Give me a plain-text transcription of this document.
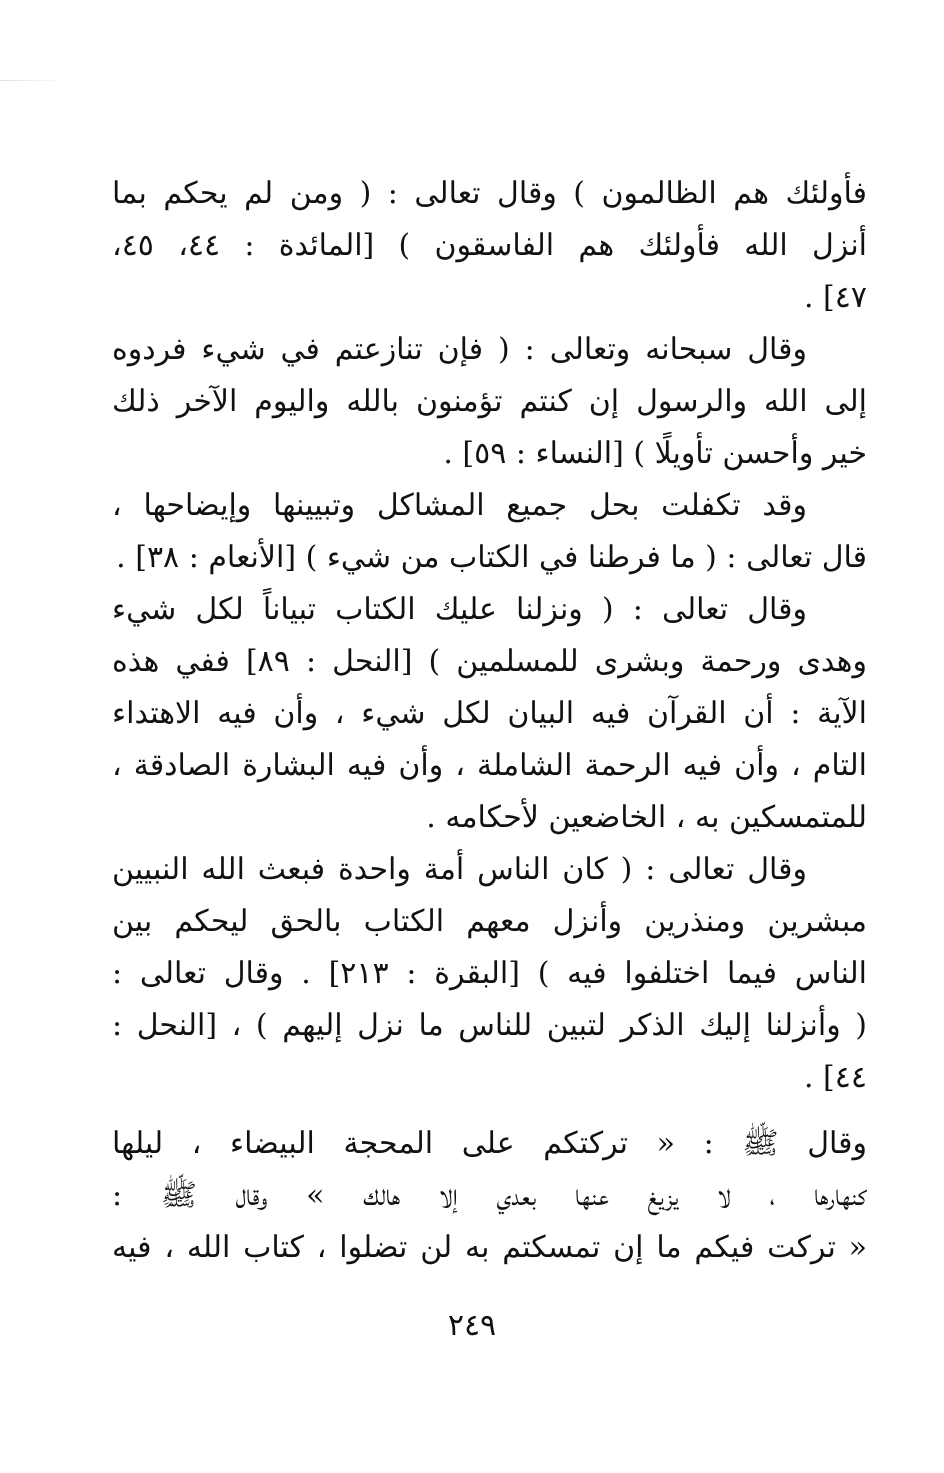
فأولئك هم الظالمون ) وقال تعالى : ( ومن لم يحكم بما
أنزل الله فأولئك هم الفاسقون ) [المائدة : ٤٤، ٤٥،
٤٧] .
وقال سبحانه وتعالى : ( فإن تنازعتم في شيء فردوه
إلى الله والرسول إن كنتم تؤمنون بالله واليوم الآخر ذلك
خير وأحسن تأويلًا ) [النساء : ٥٩] .
وقد تكفلت بحل جميع المشاكل وتبيينها وإيضاحها ،
قال تعالى : ( ما فرطنا في الكتاب من شيء ) [الأنعام : ٣٨] .
وقال تعالى : ( ونزلنا عليك الكتاب تبياناً لكل شيء
وهدى ورحمة وبشرى للمسلمين ) [النحل : ٨٩] ففي هذه
الآية : أن القرآن فيه البيان لكل شيء ، وأن فيه الاهتداء
التام ، وأن فيه الرحمة الشاملة ، وأن فيه البشارة الصادقة ،
للمتمسكين به ، الخاضعين لأحكامه .
وقال تعالى : ( كان الناس أمة واحدة فبعث الله النبيين
مبشرين ومنذرين وأنزل معهم الكتاب بالحق ليحكم بين
الناس فيما اختلفوا فيه ) [البقرة : ٢١٣] . وقال تعالى :
( وأنزلنا إليك الذكر لتبين للناس ما نزل إليهم ) ، [النحل :
٤٤] .
وقال ﷺ : « تركتكم على المحجة البيضاء ، ليلها
كنهارها ، لا يزيغ عنها بعدي إلا هالك » وقال ﷺ :
« تركت فيكم ما إن تمسكتم به لن تضلوا ، كتاب الله ، فيه
٢٤٩
